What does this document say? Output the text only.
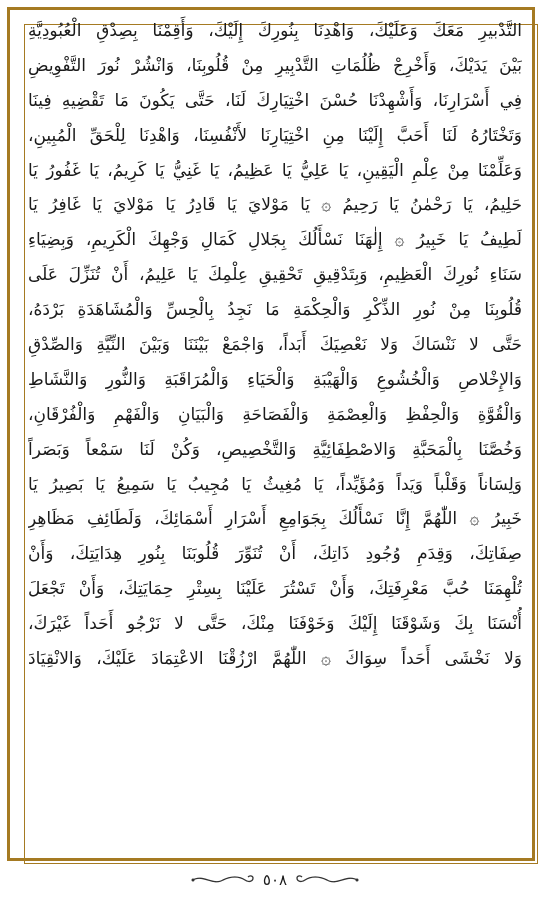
التَّدْبيرِ مَعَكَ وَعَلَيْكَ، وَاهْدِنَا بِنُورِكَ إِلَيْكَ، وَأَقِمْنَا بِصِدْقِ الْعُبُودِيَّةِ
بَيْنَ يَدَيْكَ، وَأَخْرِجْ ظُلُمَاتِ التَّدْبِيرِ مِنْ قُلُوبِنَا، وَانْشُرْ نُورَ التَّفْوِيضِ
فِي أَسْرَارِنَا، وَأَشْهِدْنَا حُسْنَ اخْتِيَارِكَ لَنَا، حَتَّى يَكُونَ مَا تَقْضِيهِ فِينَا
وَتَخْتَارُهُ لَنَا أَحَبَّ إِلَيْنَا مِنِ اخْتِيَارِنَا لأَنْفُسِنَا، وَاهْدِنَا لِلْحَقِّ الْمُبِينِ،
وَعَلِّمْنَا مِنْ عِلْمِ الْيَقِينِ، يَا عَلِيُّ يَا عَظِيمُ، يَا غَنِيُّ يَا كَرِيمُ، يَا غَفُورُ يَا
حَلِيمُ، يَا رَحْمٰنُ يَا رَحِيمُ ۞ يَا مَوْلايَ يَا قَادِرُ يَا مَوْلايَ يَا غَافِرُ يَا
لَطِيفُ يَا خَبِيرُ ۞ إِلٰهَنَا نَسْأَلُكَ بِجَلالِ كَمَالِ وَجْهِكَ الْكَرِيمِ، وَبِضِيَاءِ
سَنَاءِ نُورِكَ الْعَظِيمِ، وَبِتَدْقِيقِ تَحْقِيقِ عِلْمِكَ يَا عَلِيمُ، أَنْ تُنَزِّلَ عَلَى
قُلُوبِنَا مِنْ نُورِ الذِّكْرِ وَالْحِكْمَةِ مَا نَجِدُ بِالْحِسِّ وَالْمُشَاهَدَةِ بَرْدَهُ،
حَتَّى لا نَنْسَاكَ وَلا نَعْصِيَكَ أَبَداً، وَاجْمَعْ بَيْنَنَا وَبَيْنَ النِّيَّةِ وَالصِّدْقِ
وَالإِخْلاصِ وَالْخُشُوعِ وَالْهَيْبَةِ وَالْحَيَاءِ وَالْمُرَاقَبَةِ وَالنُّورِ وَالنَّشَاطِ
وَالْقُوَّةِ وَالْحِفْظِ وَالْعِصْمَةِ وَالْفَصَاحَةِ وَالْبَيَانِ وَالْفَهْمِ وَالْفُرْقَانِ،
وَخُصَّنَا بِالْمَحَبَّةِ وَالاصْطِفَائِيَّةِ وَالتَّخْصِيصِ، وَكُنْ لَنَا سَمْعاً وَبَصَراً
وَلِسَاناً وَقَلْباً وَيَداً وَمُؤَيِّداً، يَا مُغِيثُ يَا مُجِيبُ يَا سَمِيعُ يَا بَصِيرُ يَا
خَبِيرُ ۞ اللّٰهُمَّ إِنَّا نَسْأَلُكَ بِجَوَامِعِ أَسْرَارِ أَسْمَائِكَ، وَلَطَائِفِ مَظَاهِرِ
صِفَاتِكَ، وَقِدَمِ وُجُودِ ذَاتِكَ، أَنْ تُنَوِّرَ قُلُوبَنَا بِنُورِ هِدَايَتِكَ، وَأَنْ
تُلْهِمَنَا حُبَّ مَعْرِفَتِكَ، وَأَنْ تَسْتُرَ عَلَيْنَا بِسِتْرِ حِمَايَتِكَ، وَأَنْ تَجْعَلَ
أُنْسَنَا بِكَ وَشَوْقَنَا إِلَيْكَ وَخَوْفَنَا مِنْكَ، حَتَّى لا نَرْجُو أَحَداً غَيْرَكَ،
وَلا نَخْشَى أَحَداً سِوَاكَ ۞ اللّٰهُمَّ ارْزُقْنَا الاعْتِمَادَ عَلَيْكَ، وَالانْقِيَادَ
٥٠٨
